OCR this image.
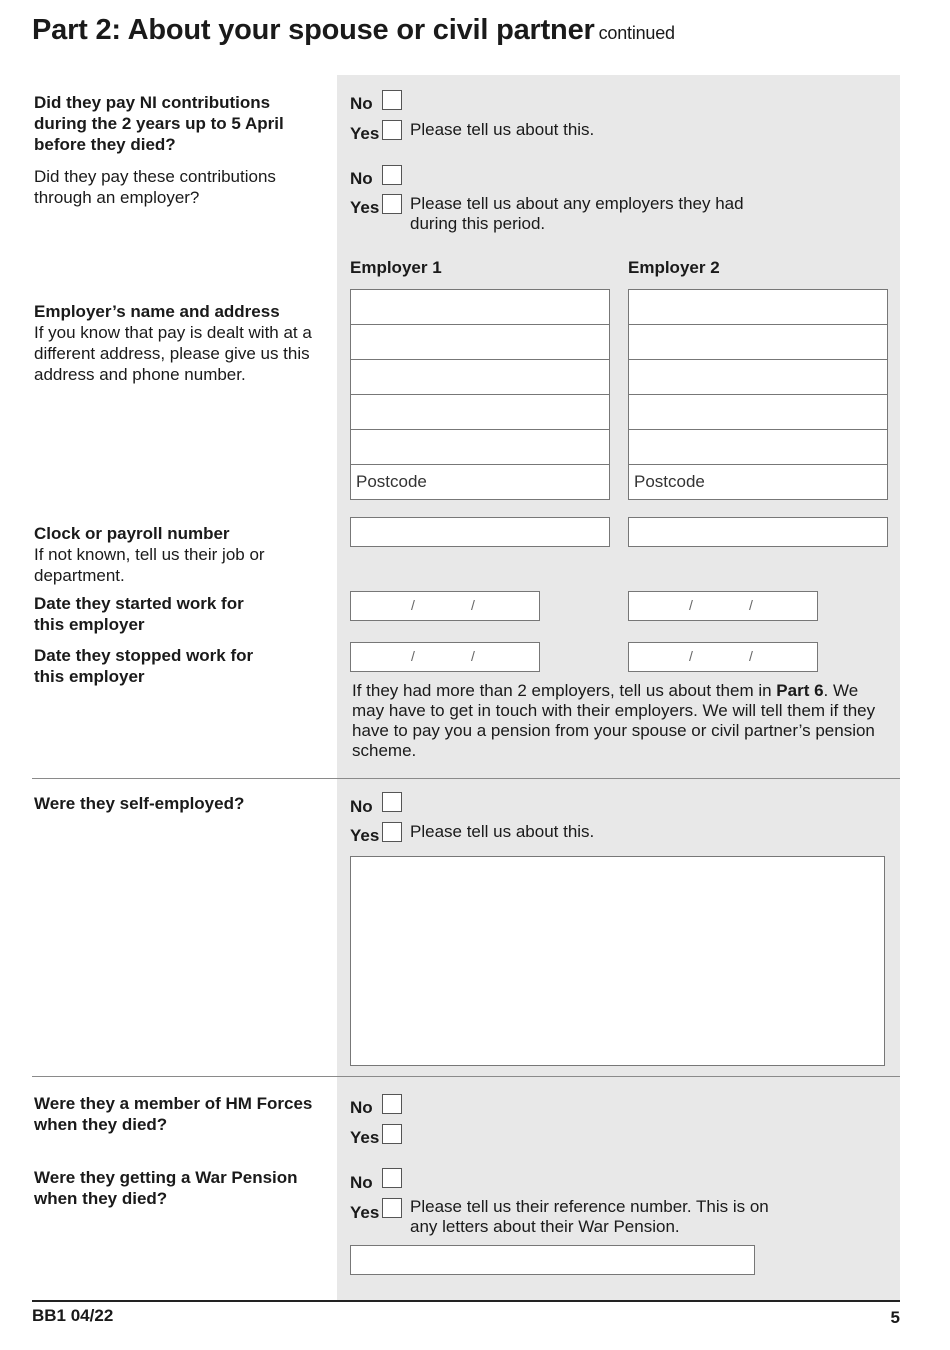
Part 2: About your spouse or civil partner continued
Did they pay NI contributions during the 2 years up to 5 April before they died?
No
Yes Please tell us about this.
Did they pay these contributions through an employer?
No
Yes Please tell us about any employers they had during this period.
Employer 1	Employer 2
Employer’s name and address
If you know that pay is dealt with at a different address, please give us this address and phone number.
Postcode	Postcode
Clock or payroll number
If not known, tell us their job or department.
Date they started work for this employer
/	/	/	/
Date they stopped work for this employer
/	/	/	/
If they had more than 2 employers, tell us about them in Part 6. We may have to get in touch with their employers. We will tell them if they have to pay you a pension from your spouse or civil partner’s pension scheme.
Were they self-employed?	No
Yes Please tell us about this.
Were they a member of HM Forces when they died?
No
Yes
Were they getting a War Pension when they died?
No
Yes Please tell us their reference number. This is on any letters about their War Pension.
BB1 04/22	5
